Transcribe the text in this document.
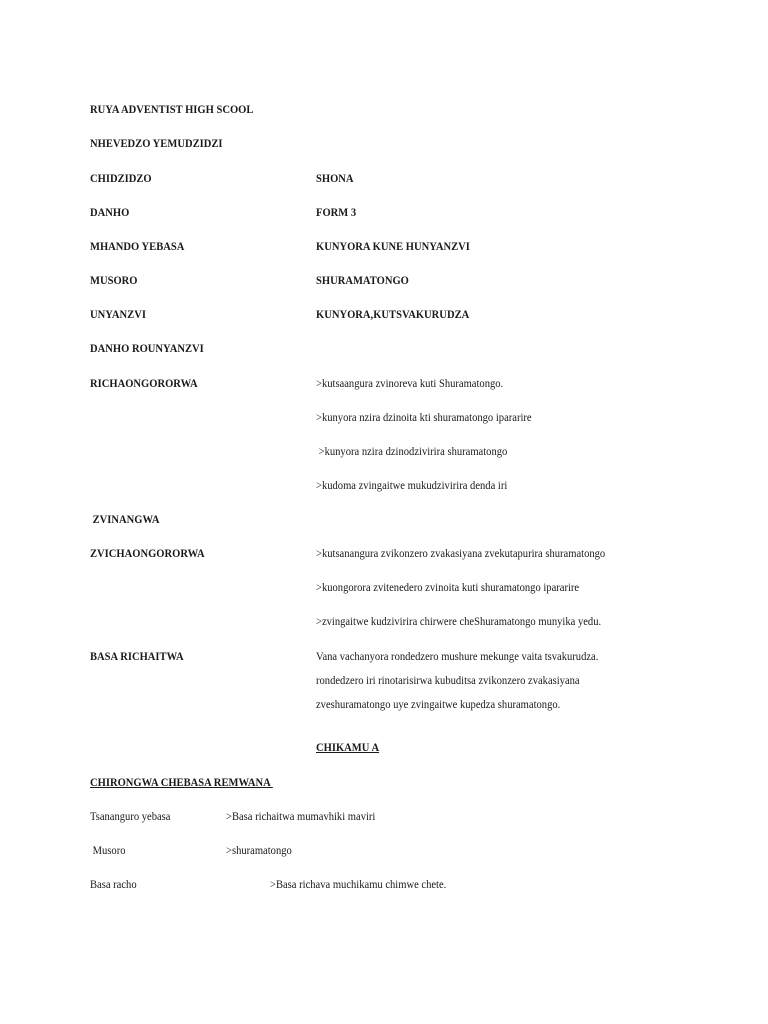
RUYA ADVENTIST HIGH SCOOL
NHEVEDZO YEMUDZIDZI
CHIDZIDZO	SHONA
DANHO	FORM 3
MHANDO YEBASA	KUNYORA KUNE HUNYANZVI
MUSORO	SHURAMATONGO
UNYANZVI	KUNYORA,KUTSVAKURUDZA
DANHO ROUNYANZVI
RICHAONGORORWA	>kutsaangura zvinoreva kuti Shuramatongo.
>kunyora nzira dzinoita kti shuramatongo ipararire
>kunyora nzira dzinodzivirira shuramatongo
>kudoma zvingaitwe mukudzivirira denda iri
ZVINANGWA
ZVICHAONGORORWA	>kutsanangura zvikonzero zvakasiyana zvekutapurira shuramatongo
>kuongorora zvitenedero zvinoita kuti shuramatongo ipararire
>zvingaitwe kudzivirira chirwere cheShuramatongo munyika yedu.
BASA RICHAITWA	Vana vachanyora rondedzero mushure mekunge vaita tsvakurudza.
rondedzero iri rinotarisirwa kubuditsa zvikonzero zvakasiyana
zveshuramatongo uye zvingaitwe kupedza shuramatongo.
CHIKAMU A
CHIRONGWA CHEBASA REMWANA
Tsananguro yebasa	>Basa richaitwa mumavhiki maviri
Musoro	>shuramatongo
Basa racho	>Basa richava muchikamu chimwe chete.
